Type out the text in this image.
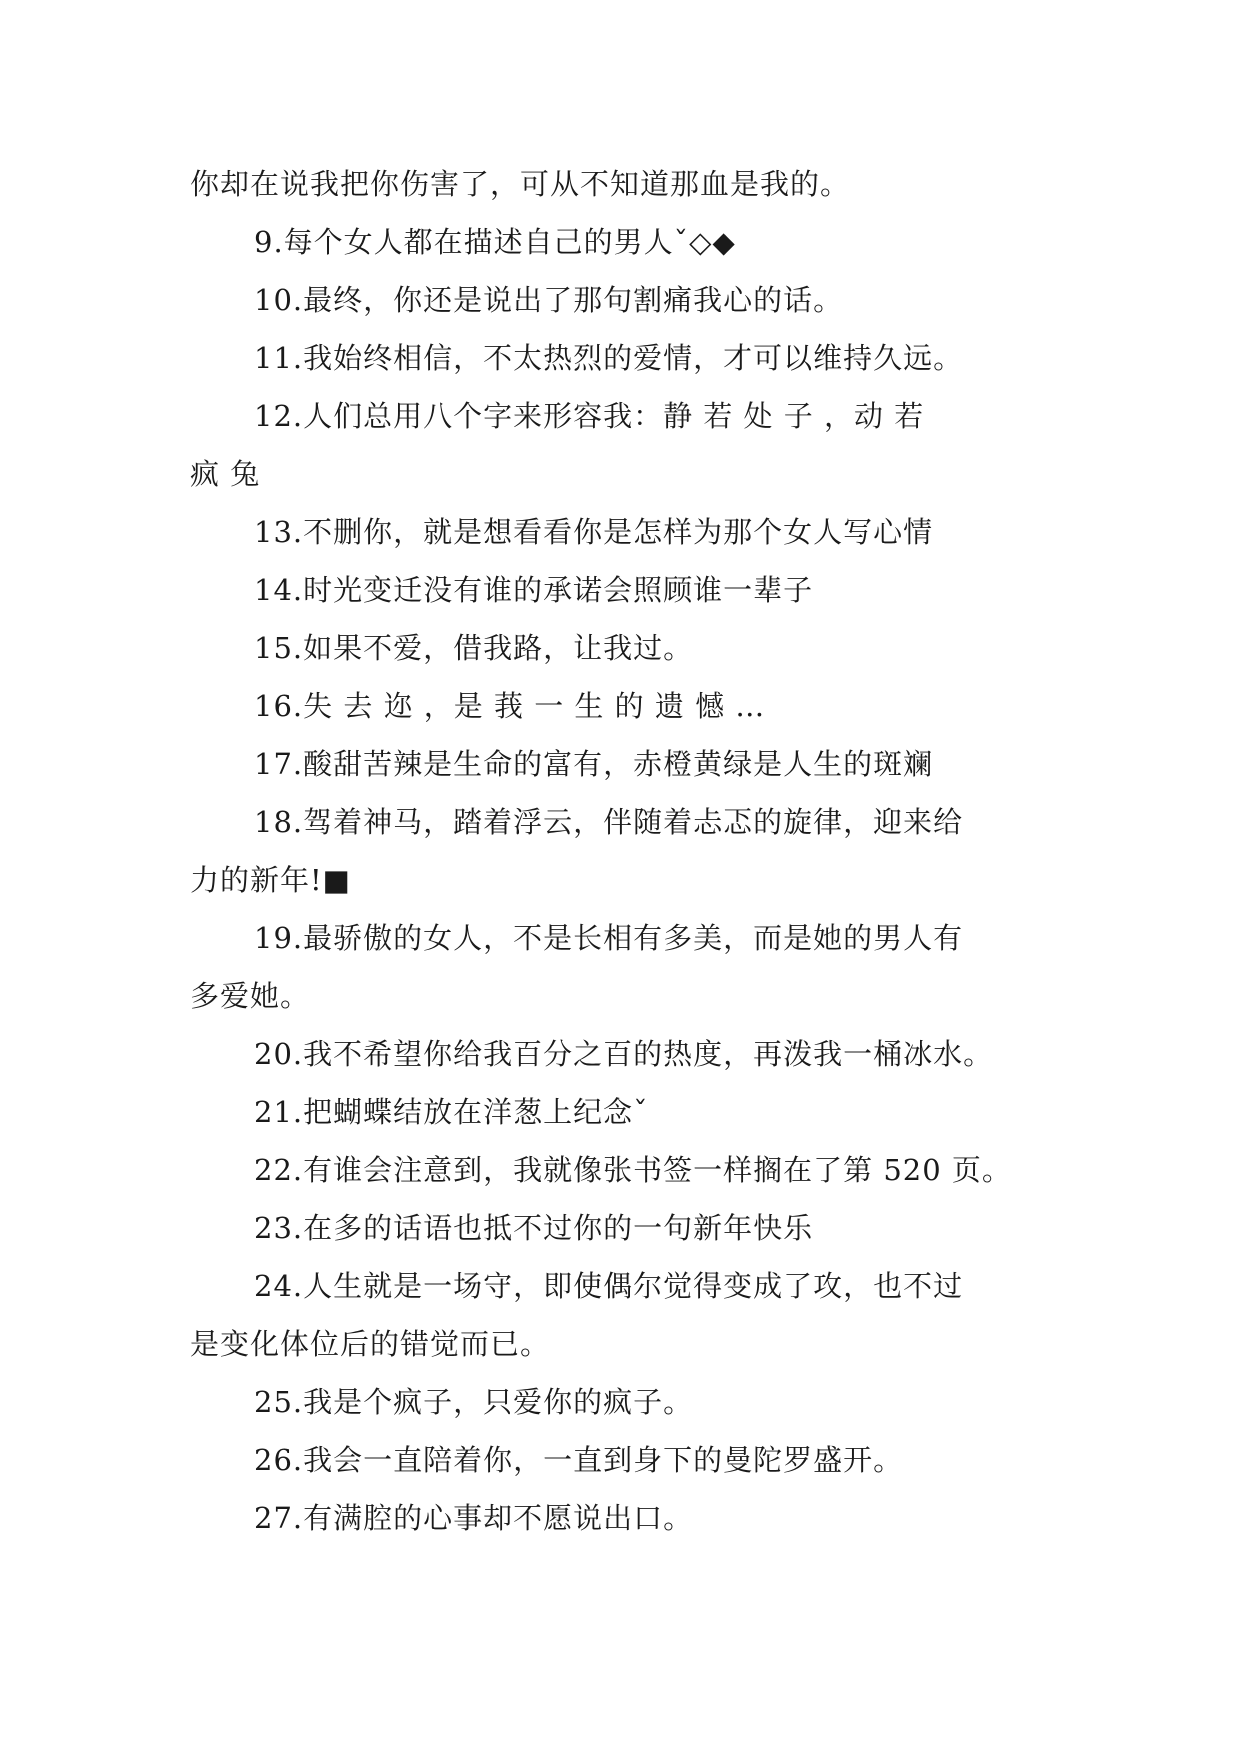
你却在说我把你伤害了，可从不知道那血是我的。

9.每个女人都在描述自己的男人ˇ◇◆

10.最终，你还是说出了那句割痛我心的话。

11.我始终相信，不太热烈的爱情，才可以维持久远。

12.人们总用八个字来形容我：静 若 处 子 ，动 若

疯 兔

13.不删你，就是想看看你是怎样为那个女人写心情

14.时光变迁没有谁的承诺会照顾谁一辈子

15.如果不爱，借我路，让我过。

16.失 去 迩 ，是 莪 一 生 的 遗 憾 …

17.酸甜苦辣是生命的富有，赤橙黄绿是人生的斑斓

18.驾着神马，踏着浮云，伴随着忐忑的旋律，迎来给

力的新年!■

19.最骄傲的女人，不是长相有多美，而是她的男人有

多爱她。

20.我不希望你给我百分之百的热度，再泼我一桶冰水。

21.把蝴蝶结放在洋葱上纪念ˇ

22.有谁会注意到，我就像张书签一样搁在了第 520 页。

23.在多的话语也抵不过你的一句新年快乐

24.人生就是一场守，即使偶尔觉得变成了攻，也不过

是变化体位后的错觉而已。

25.我是个疯子，只爱你的疯子。

26.我会一直陪着你，一直到身下的曼陀罗盛开。

27.有满腔的心事却不愿说出口。
